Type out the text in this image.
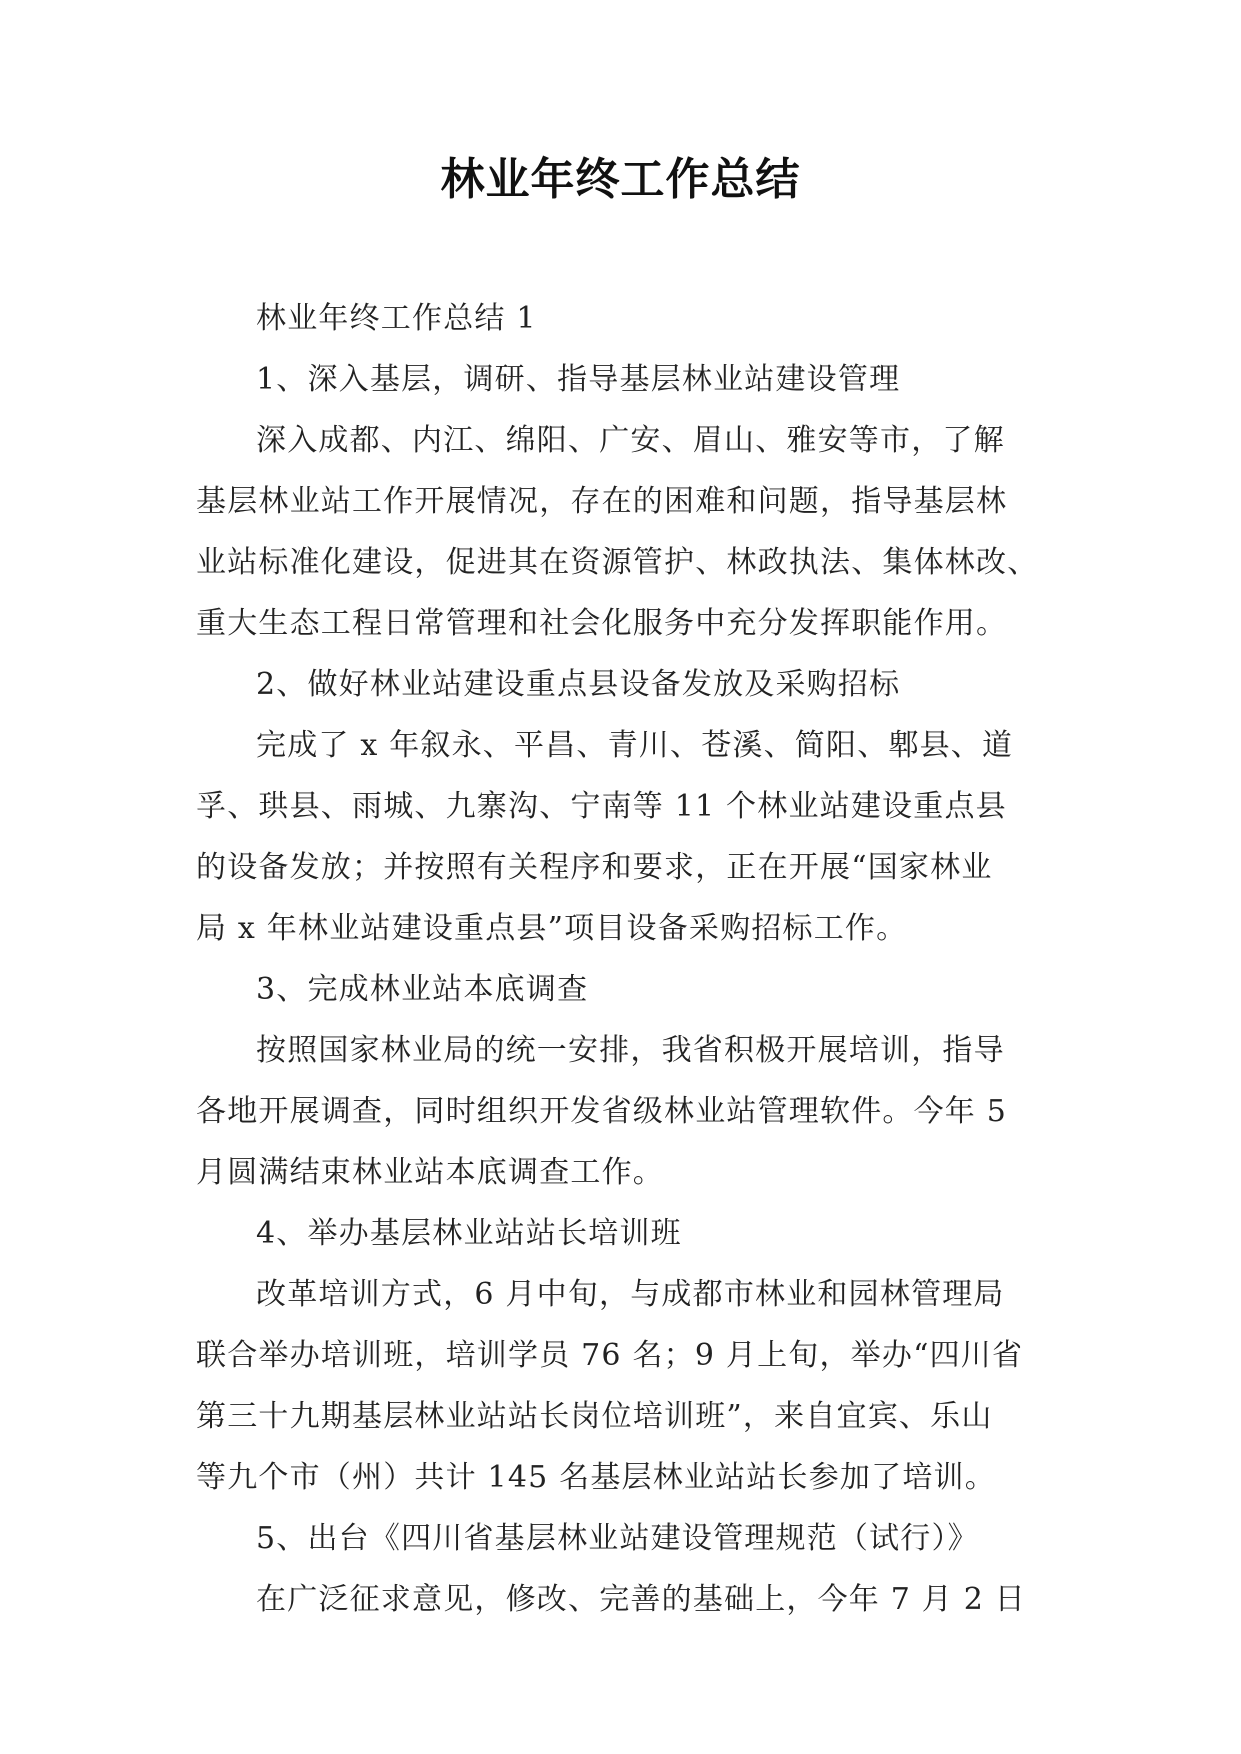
林业年终工作总结
林业年终工作总结 1
1、深入基层，调研、指导基层林业站建设管理
深入成都、内江、绵阳、广安、眉山、雅安等市，了解
基层林业站工作开展情况，存在的困难和问题，指导基层林
业站标准化建设，促进其在资源管护、林政执法、集体林改、
重大生态工程日常管理和社会化服务中充分发挥职能作用。
2、做好林业站建设重点县设备发放及采购招标
完成了 x 年叙永、平昌、青川、苍溪、简阳、郫县、道
孚、珙县、雨城、九寨沟、宁南等 11 个林业站建设重点县
的设备发放；并按照有关程序和要求，正在开展“国家林业
局 x 年林业站建设重点县”项目设备采购招标工作。
3、完成林业站本底调查
按照国家林业局的统一安排，我省积极开展培训，指导
各地开展调查，同时组织开发省级林业站管理软件。今年 5
月圆满结束林业站本底调查工作。
4、举办基层林业站站长培训班
改革培训方式，6 月中旬，与成都市林业和园林管理局
联合举办培训班，培训学员 76 名；9 月上旬，举办“四川省
第三十九期基层林业站站长岗位培训班”，来自宜宾、乐山
等九个市（州）共计 145 名基层林业站站长参加了培训。
5、出台《四川省基层林业站建设管理规范（试行）》
在广泛征求意见，修改、完善的基础上，今年 7 月 2 日
